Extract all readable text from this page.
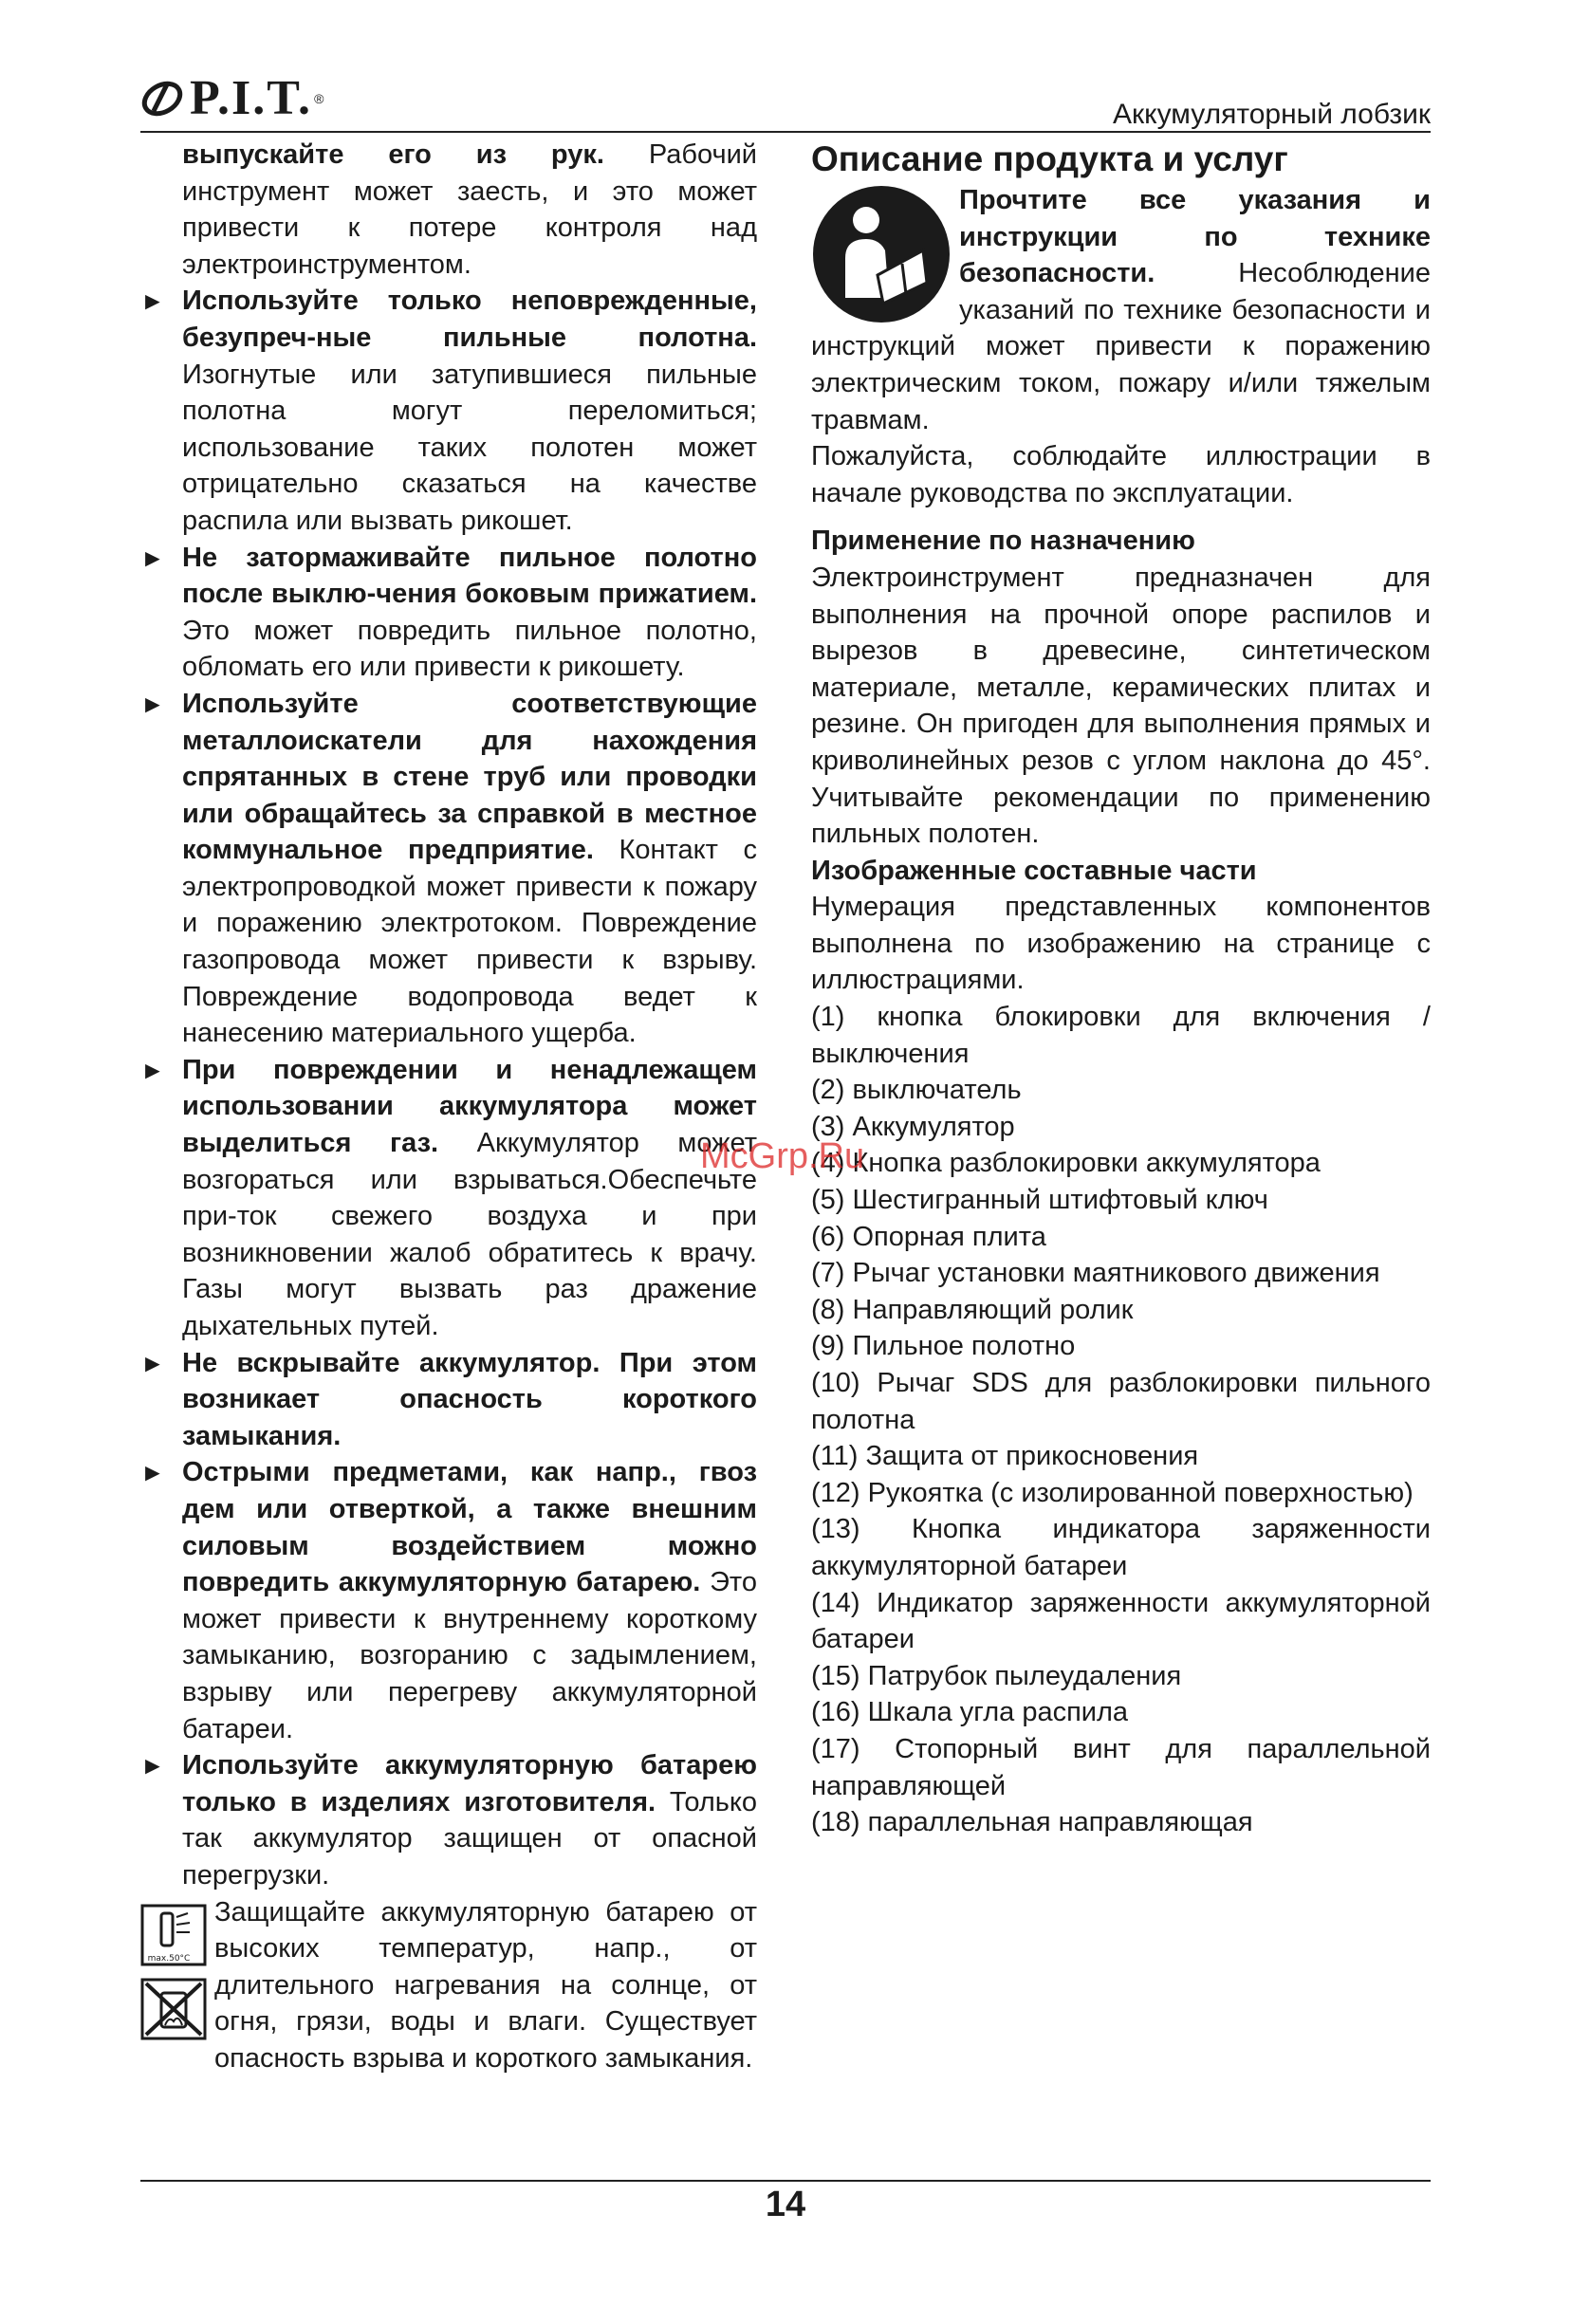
P.I.T. ®	Аккумуляторный лобзик

выпускайте его из рук. Рабочий инструмент может заесть, и это может привести к потере контроля над электроинструментом.

► Используйте только неповрежденные, безупреч-ные пильные полотна. Изогнутые или затупившиеся пильные полотна могут переломиться; использование таких полотен может отрицательно сказаться на качестве распила или вызвать рикошет.

► Не затормаживайте пильное полотно после выклю-чения боковым прижатием. Это может повредить пильное полотно, обломать его или привести к рикошету.

► Используйте соответствующие металлоискатели для нахождения спрятанных в стене труб или проводки или обращайтесь за справкой в местное коммунальное предприятие. Контакт с электропроводкой может привести к пожару и поражению электротоком. Повреждение газопровода может привести к взрыву. Повреждение водопровода ведет к нанесению материального ущерба.

► При повреждении и ненадлежащем использовании аккумулятора может выделиться газ. Аккумулятор может возгораться или взрываться.Обеспечьте при-ток свежего воздуха и при возникновении жалоб обратитесь к врачу. Газы могут вызвать раз дражение дыхательных путей.

► Не вскрывайте аккумулятор. При этом возникает опасность короткого замыкания.

► Острыми предметами, как напр., гвоз дем или отверткой, а также внешним силовым воздействием можно повредить аккумуляторную батарею. Это может привести к внутреннему короткому замыканию, возгоранию с задымлением, взрыву или перегреву аккумуляторной батареи.

► Используйте аккумуляторную батарею только в изделиях изготовителя. Только так аккумулятор защищен от опасной перегрузки.

max.50°C

Защищайте аккумуляторную батарею от высоких температур, напр., от длительного нагревания на солнце, от огня, грязи, воды и влаги. Существует опасность взрыва и короткого замыкания.

Описание продукта и услуг

Прочтите все указания и инструкции по технике безопасности. Несоблюдение указаний по технике безопасности и инструкций может привести к поражению электрическим током, пожару и/или тяжелым травмам.

Пожалуйста, соблюдайте иллюстрации в начале руководства по эксплуатации.

Применение по назначению

Электроинструмент предназначен для выполнения на прочной опоре распилов и вырезов в древесине, синтетическом материале, металле, керамических плитах и резине. Он пригоден для выполнения прямых и криволинейных резов с углом наклона до 45°. Учитывайте рекомендации по применению пильных полотен.

Изображенные составные части

Нумерация представленных компонентов выполнена по изображению на странице с иллюстрациями.

(1) кнопка блокировки для включения / выключения

(2) выключатель

(3) Аккумулятор

(4) Кнопка разблокировки аккумулятора

(5) Шестигранный штифтовый ключ

(6) Опорная плита

(7) Рычаг установки маятникового движения

(8) Направляющий ролик

(9) Пильное полотно

(10) Рычаг SDS для разблокировки пильного полотна

(11) Защита от прикосновения

(12) Рукоятка (с изолированной поверхностью)

(13) Кнопка индикатора заряженности аккумуляторной батареи

(14) Индикатор заряженности аккумуляторной батареи

(15) Патрубок пылеудаления

(16) Шкала угла распила

(17) Стопорный винт для параллельной направляющей

(18) параллельная направляющая

McGrp.Ru
14
